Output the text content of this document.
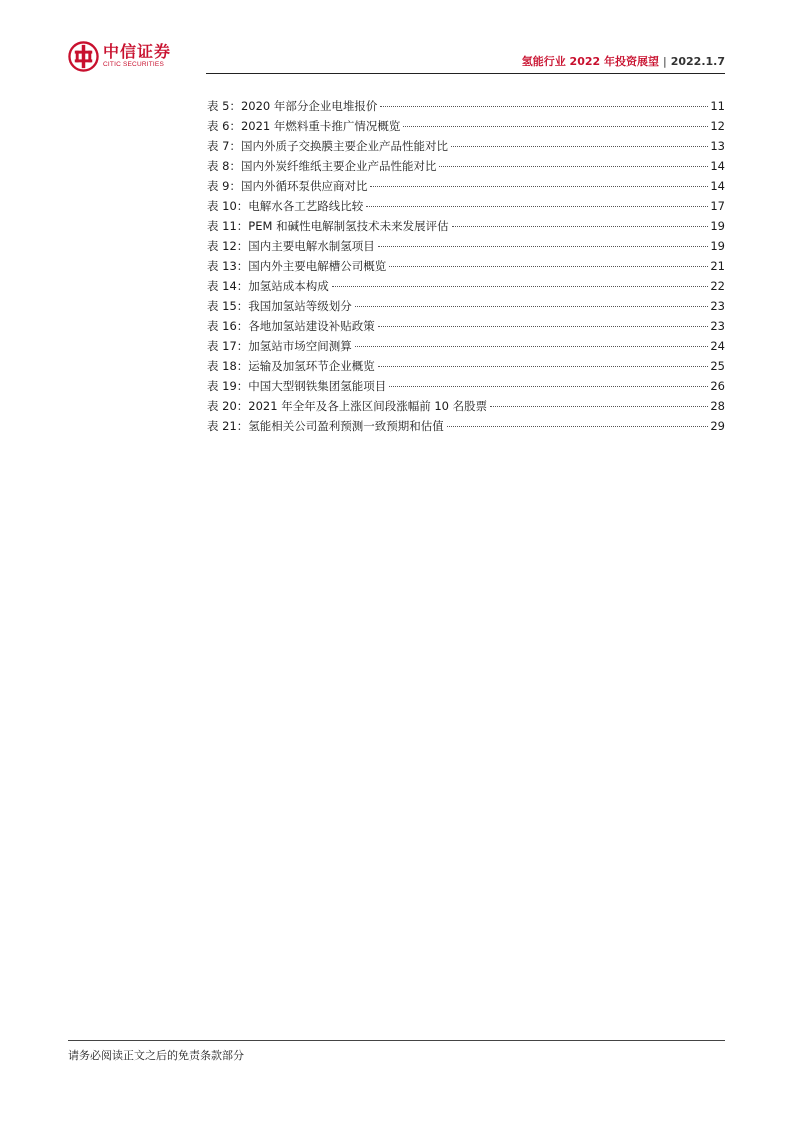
中信证券
CITIC SECURITIES	氢能行业 2022 年投资展望 | 2022.1.7
表 5：2020 年部分企业电堆报价	11
表 6：2021 年燃料重卡推广情况概览	12
表 7：国内外质子交换膜主要企业产品性能对比	13
表 8：国内外炭纤维纸主要企业产品性能对比	14
表 9：国内外循环泵供应商对比	14
表 10：电解水各工艺路线比较	17
表 11：PEM 和碱性电解制氢技术未来发展评估	19
表 12：国内主要电解水制氢项目	19
表 13：国内外主要电解槽公司概览	21
表 14：加氢站成本构成	22
表 15：我国加氢站等级划分	23
表 16：各地加氢站建设补贴政策	23
表 17：加氢站市场空间测算	24
表 18：运输及加氢环节企业概览	25
表 19：中国大型钢铁集团氢能项目	26
表 20：2021 年全年及各上涨区间段涨幅前 10 名股票	28
表 21：氢能相关公司盈利预测一致预期和估值	29
请务必阅读正文之后的免责条款部分
